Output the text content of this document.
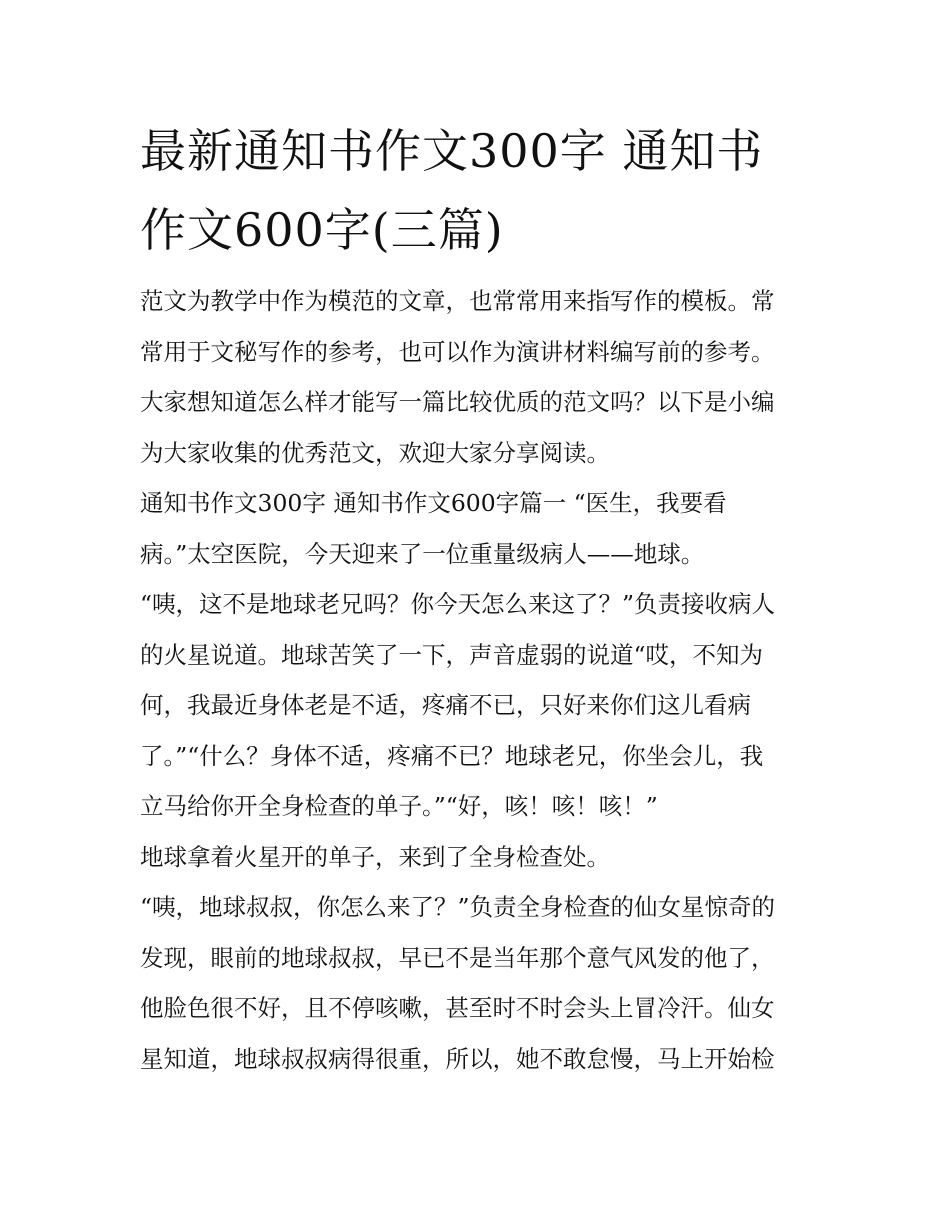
最新通知书作文300字 通知书
作文600字(三篇)
范文为教学中作为模范的文章，也常常用来指写作的模板。常
常用于文秘写作的参考，也可以作为演讲材料编写前的参考。
大家想知道怎么样才能写一篇比较优质的范文吗？以下是小编
为大家收集的优秀范文，欢迎大家分享阅读。
通知书作文300字 通知书作文600字篇一 “医生，我要看
病。”太空医院，今天迎来了一位重量级病人——地球。
“咦，这不是地球老兄吗？你今天怎么来这了？”负责接收病人
的火星说道。地球苦笑了一下，声音虚弱的说道“哎，不知为
何，我最近身体老是不适，疼痛不已，只好来你们这儿看病
了。”“什么？身体不适，疼痛不已？地球老兄，你坐会儿，我
立马给你开全身检查的单子。”“好，咳！咳！咳！”
地球拿着火星开的单子，来到了全身检查处。
“咦，地球叔叔，你怎么来了？”负责全身检查的仙女星惊奇的
发现，眼前的地球叔叔，早已不是当年那个意气风发的他了，
他脸色很不好，且不停咳嗽，甚至时不时会头上冒冷汗。仙女
星知道，地球叔叔病得很重，所以，她不敢怠慢，马上开始检
